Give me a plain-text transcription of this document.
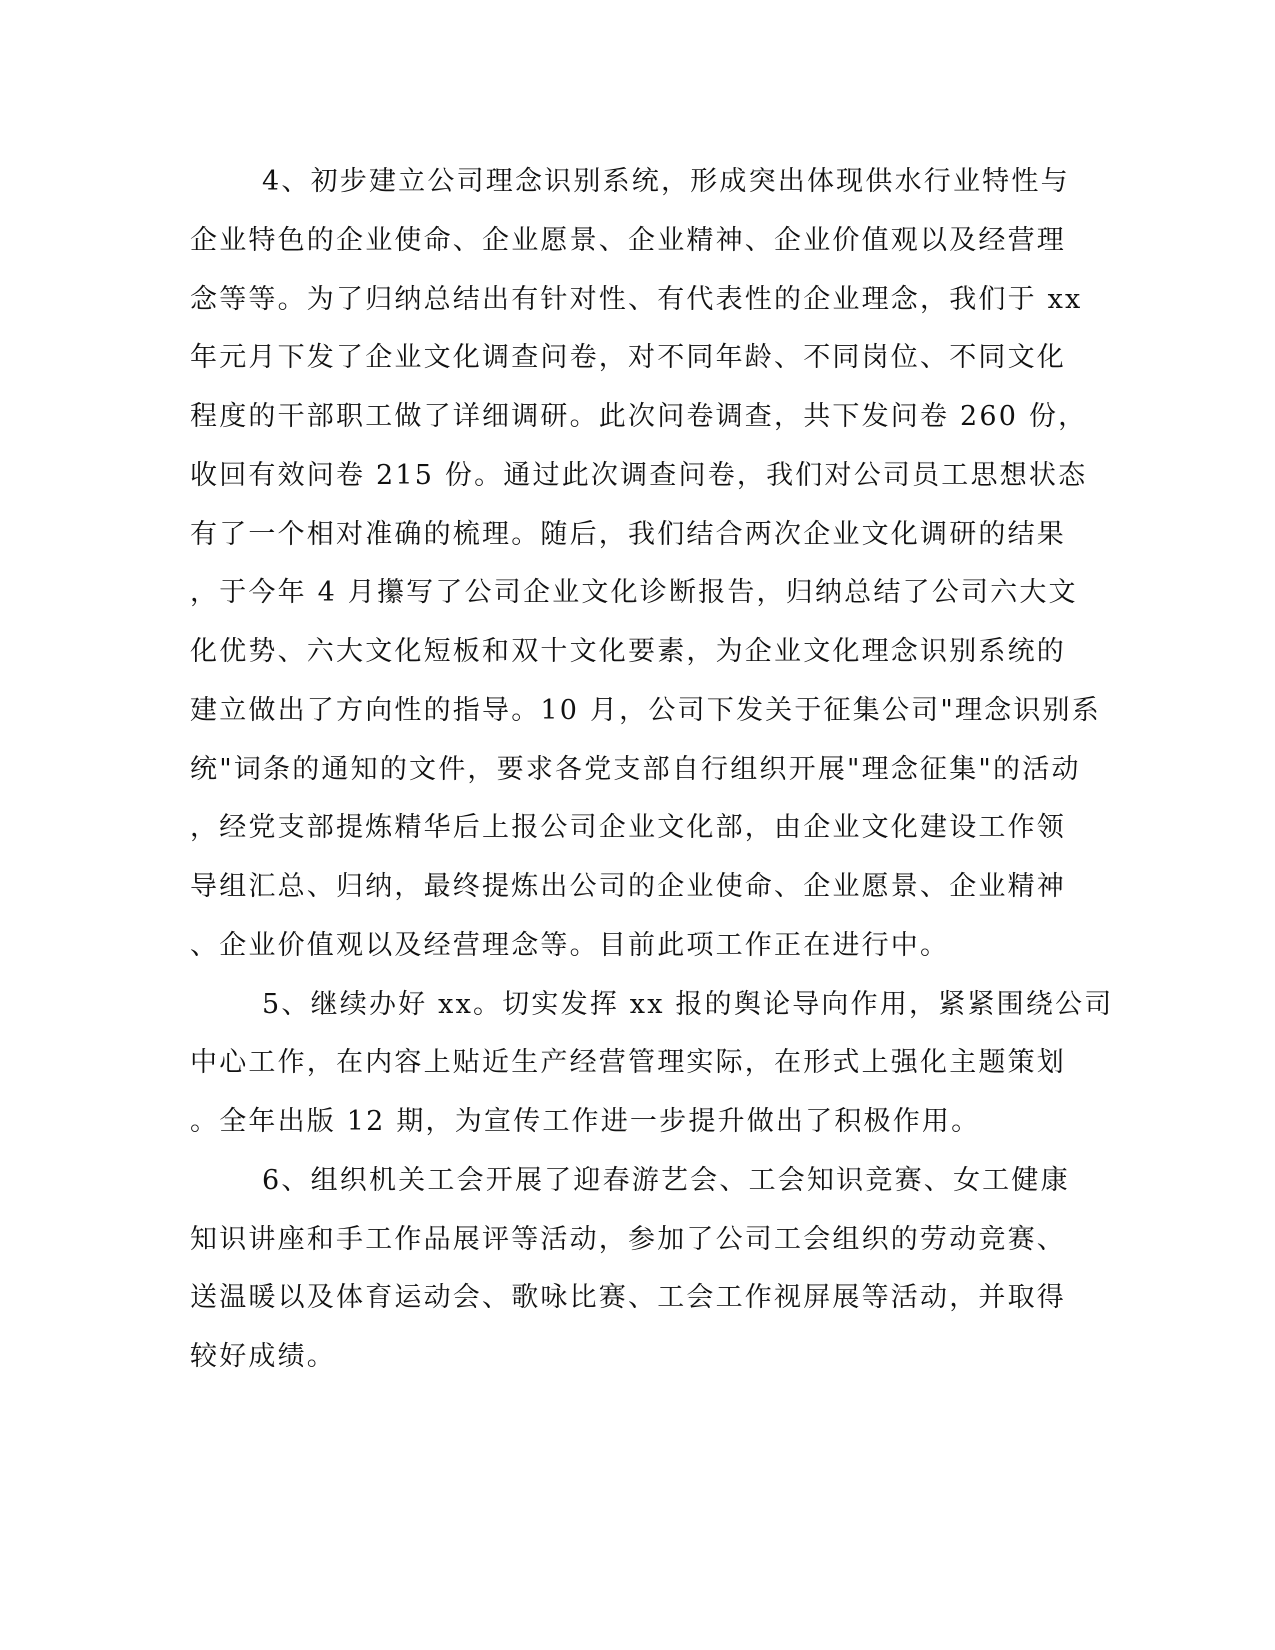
4、初步建立公司理念识别系统，形成突出体现供水行业特性与
企业特色的企业使命、企业愿景、企业精神、企业价值观以及经营理
念等等。为了归纳总结出有针对性、有代表性的企业理念，我们于 xx
年元月下发了企业文化调查问卷，对不同年龄、不同岗位、不同文化
程度的干部职工做了详细调研。此次问卷调查，共下发问卷 260 份，
收回有效问卷 215 份。通过此次调查问卷，我们对公司员工思想状态
有了一个相对准确的梳理。随后，我们结合两次企业文化调研的结果
，于今年 4 月攥写了公司企业文化诊断报告，归纳总结了公司六大文
化优势、六大文化短板和双十文化要素，为企业文化理念识别系统的
建立做出了方向性的指导。10 月，公司下发关于征集公司"理念识别系
统"词条的通知的文件，要求各党支部自行组织开展"理念征集"的活动
，经党支部提炼精华后上报公司企业文化部，由企业文化建设工作领
导组汇总、归纳，最终提炼出公司的企业使命、企业愿景、企业精神
、企业价值观以及经营理念等。目前此项工作正在进行中。
5、继续办好 xx。切实发挥 xx 报的舆论导向作用，紧紧围绕公司
中心工作，在内容上贴近生产经营管理实际，在形式上强化主题策划
。全年出版 12 期，为宣传工作进一步提升做出了积极作用。
6、组织机关工会开展了迎春游艺会、工会知识竞赛、女工健康
知识讲座和手工作品展评等活动，参加了公司工会组织的劳动竞赛、
送温暖以及体育运动会、歌咏比赛、工会工作视屏展等活动，并取得
较好成绩。
